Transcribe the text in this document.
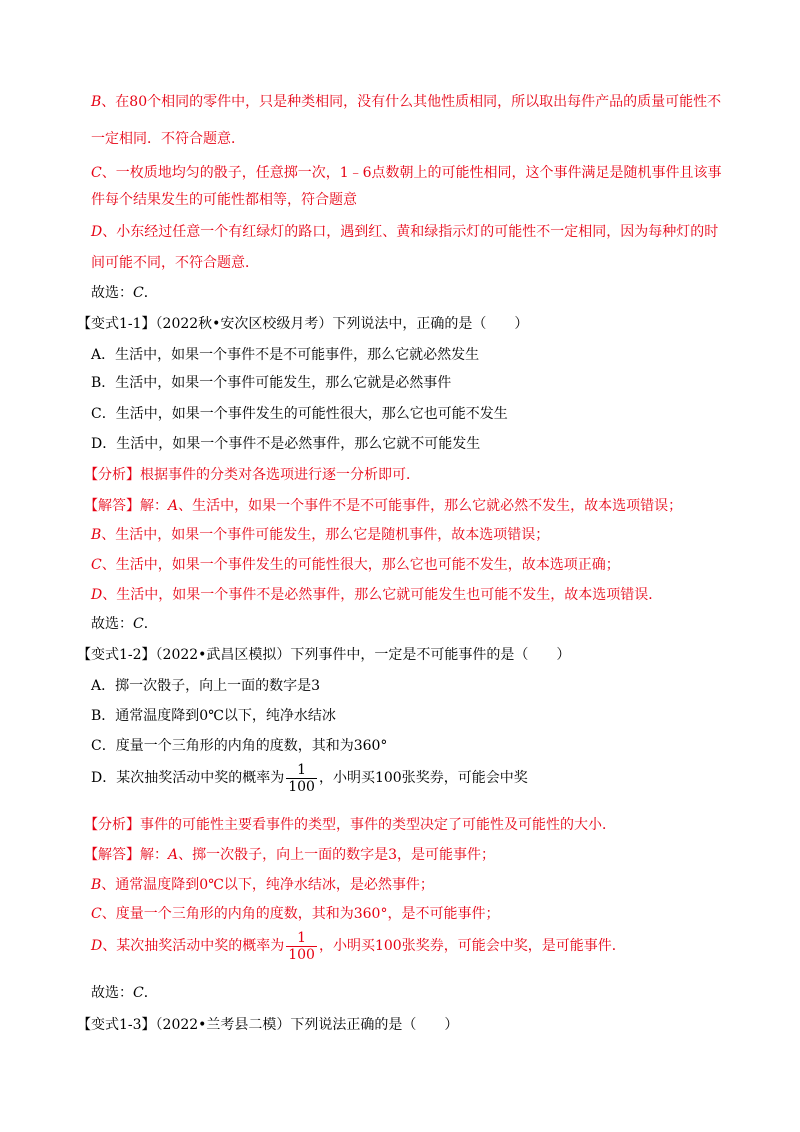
B、在80个相同的零件中，只是种类相同，没有什么其他性质相同，所以取出每件产品的质量可能性不
一定相同．不符合题意．
C、一枚质地均匀的骰子，任意掷一次，1﹣6点数朝上的可能性相同，这个事件满足是随机事件且该事
件每个结果发生的可能性都相等，符合题意
D、小东经过任意一个有红绿灯的路口，遇到红、黄和绿指示灯的可能性不一定相同，因为每种灯的时
间可能不同，不符合题意．
故选：C．
【变式1-1】（2022秋•安次区校级月考）下列说法中，正确的是（　　）
A．生活中，如果一个事件不是不可能事件，那么它就必然发生
B．生活中，如果一个事件可能发生，那么它就是必然事件
C．生活中，如果一个事件发生的可能性很大，那么它也可能不发生
D．生活中，如果一个事件不是必然事件，那么它就不可能发生
【分析】根据事件的分类对各选项进行逐一分析即可．
【解答】解：A、生活中，如果一个事件不是不可能事件，那么它就必然不发生，故本选项错误；
B、生活中，如果一个事件可能发生，那么它是随机事件，故本选项错误；
C、生活中，如果一个事件发生的可能性很大，那么它也可能不发生，故本选项正确；
D、生活中，如果一个事件不是必然事件，那么它就可能发生也可能不发生，故本选项错误．
故选：C．
【变式1-2】（2022•武昌区模拟）下列事件中，一定是不可能事件的是（　　）
A．掷一次骰子，向上一面的数字是3
B．通常温度降到0℃以下，纯净水结冰
C．度量一个三角形的内角的度数，其和为360°
D．某次抽奖活动中奖的概率为 $\frac{1}{100}$ ，小明买100张奖券，可能会中奖
【分析】事件的可能性主要看事件的类型，事件的类型决定了可能性及可能性的大小．
【解答】解：A、掷一次骰子，向上一面的数字是3，是可能事件；
B、通常温度降到0℃以下，纯净水结冰，是必然事件；
C、度量一个三角形的内角的度数，其和为360°，是不可能事件；
D、某次抽奖活动中奖的概率为 $\frac{1}{100}$ ，小明买100张奖券，可能会中奖，是可能事件．
故选：C．
【变式1-3】（2022•兰考县二模）下列说法正确的是（　　）
